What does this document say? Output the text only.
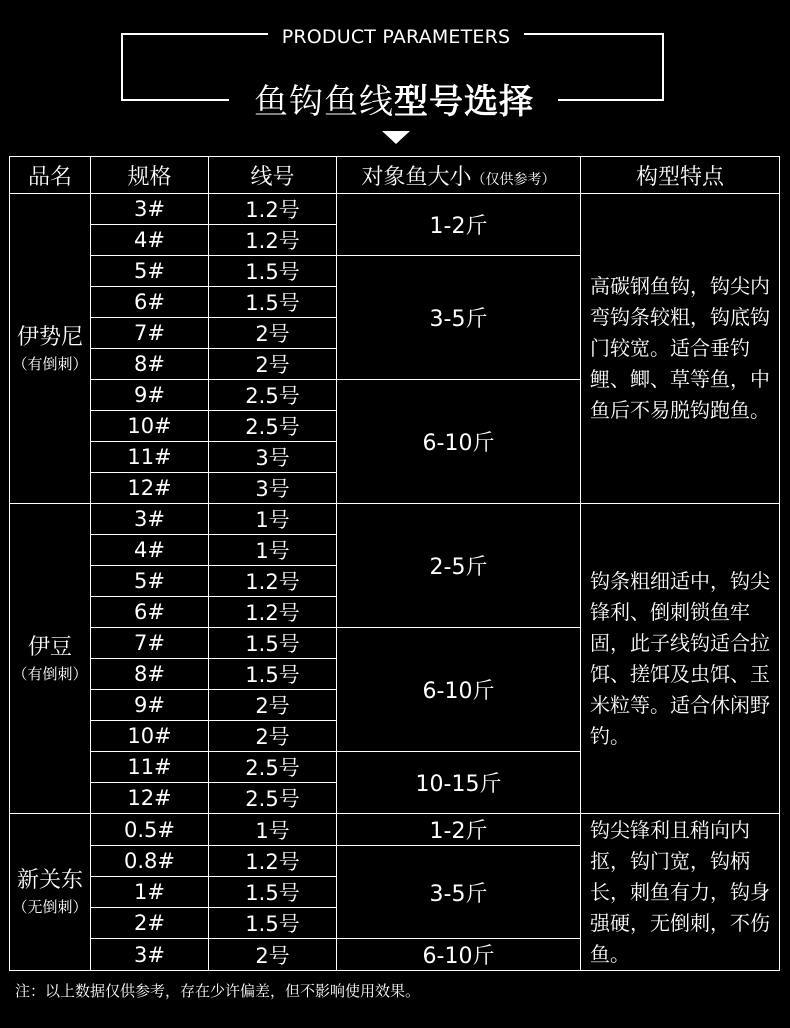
PRODUCT PARAMETERS
鱼钩鱼线型号选择
品名	规格	线号	对象鱼大小（仅供参考）	构型特点
伊势尼
（有倒刺）	3#	1.2号	1-2斤	高碳钢鱼钩，钩尖内弯钩条较粗，钩底钩门较宽。适合垂钓鲤、鲫、草等鱼，中鱼后不易脱钩跑鱼。
	4#	1.2号		
	5#	1.5号	3-5斤	
	6#	1.5号		
	7#	2号		
	8#	2号		
	9#	2.5号	6-10斤	
	10#	2.5号		
	11#	3号		
	12#	3号		
伊豆
（有倒刺）	3#	1号	2-5斤	钩条粗细适中，钩尖锋利、倒刺锁鱼牢固，此子线钩适合拉饵、搓饵及虫饵、玉米粒等。适合休闲野钓。
	4#	1号		
	5#	1.2号		
	6#	1.2号		
	7#	1.5号	6-10斤	
	8#	1.5号		
	9#	2号		
	10#	2号		
	11#	2.5号	10-15斤	
	12#	2.5号		
新关东
（无倒刺）	0.5#	1号	1-2斤	钩尖锋利且稍向内抠，钩门宽，钩柄长，刺鱼有力，钩身强硬，无倒刺，不伤鱼。
	0.8#	1.2号	3-5斤	
	1#	1.5号		
	2#	1.5号		
	3#	2号	6-10斤	
注：以上数据仅供参考，存在少许偏差，但不影响使用效果。
